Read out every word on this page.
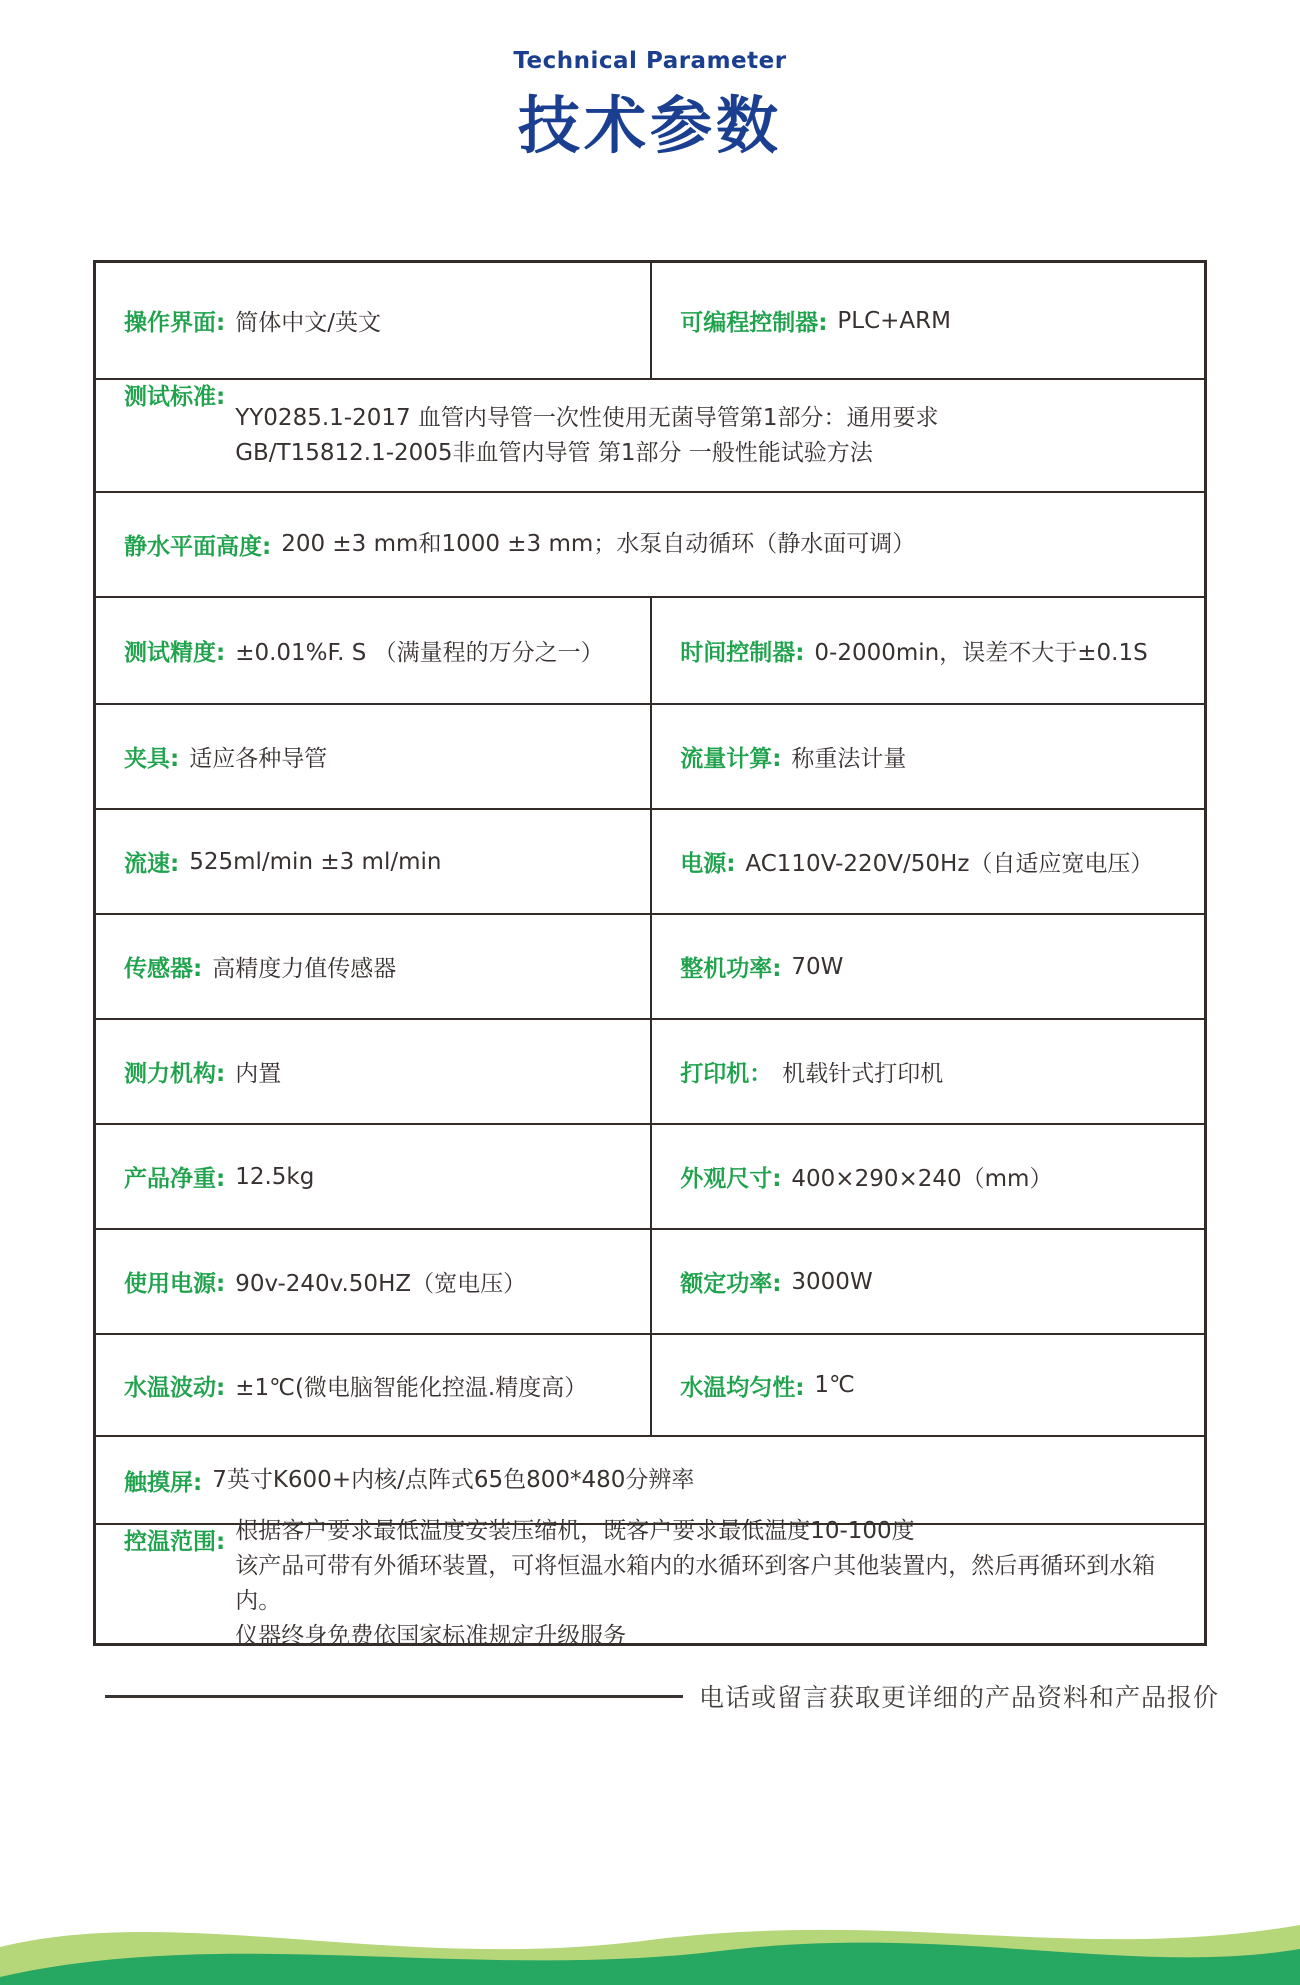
Technical Parameter
技术参数
操作界面: 简体中文/英文	可编程控制器: PLC+ARM
测试标准:
YY0285.1-2017 血管内导管一次性使用无菌导管第1部分：通用要求
GB/T15812.1-2005非血管内导管 第1部分 一般性能试验方法
静水平面高度: 200 ±3 mm和1000 ±3 mm；水泵自动循环（静水面可调）
测试精度: ±0.01%F. S （满量程的万分之一）	时间控制器: 0-2000min，误差不大于±0.1S
夹具: 适应各种导管	流量计算: 称重法计量
流速: 525ml/min ±3 ml/min	电源: AC110V-220V/50Hz（自适应宽电压）
传感器: 高精度力值传感器	整机功率: 70W
测力机构: 内置	打印机： 机载针式打印机
产品净重: 12.5kg	外观尺寸: 400×290×240（mm）
使用电源: 90v-240v.50HZ（宽电压）	额定功率: 3000W
水温波动: ±1℃(微电脑智能化控温.精度高）	水温均匀性: 1℃
触摸屏: 7英寸K600+内核/点阵式65色800*480分辨率
控温范围: 根据客户要求最低温度安装压缩机，既客户要求最低温度10-100度
该产品可带有外循环装置，可将恒温水箱内的水循环到客户其他装置内，然后再循环到水箱内。
仪器终身免费依国家标准规定升级服务
电话或留言获取更详细的产品资料和产品报价
